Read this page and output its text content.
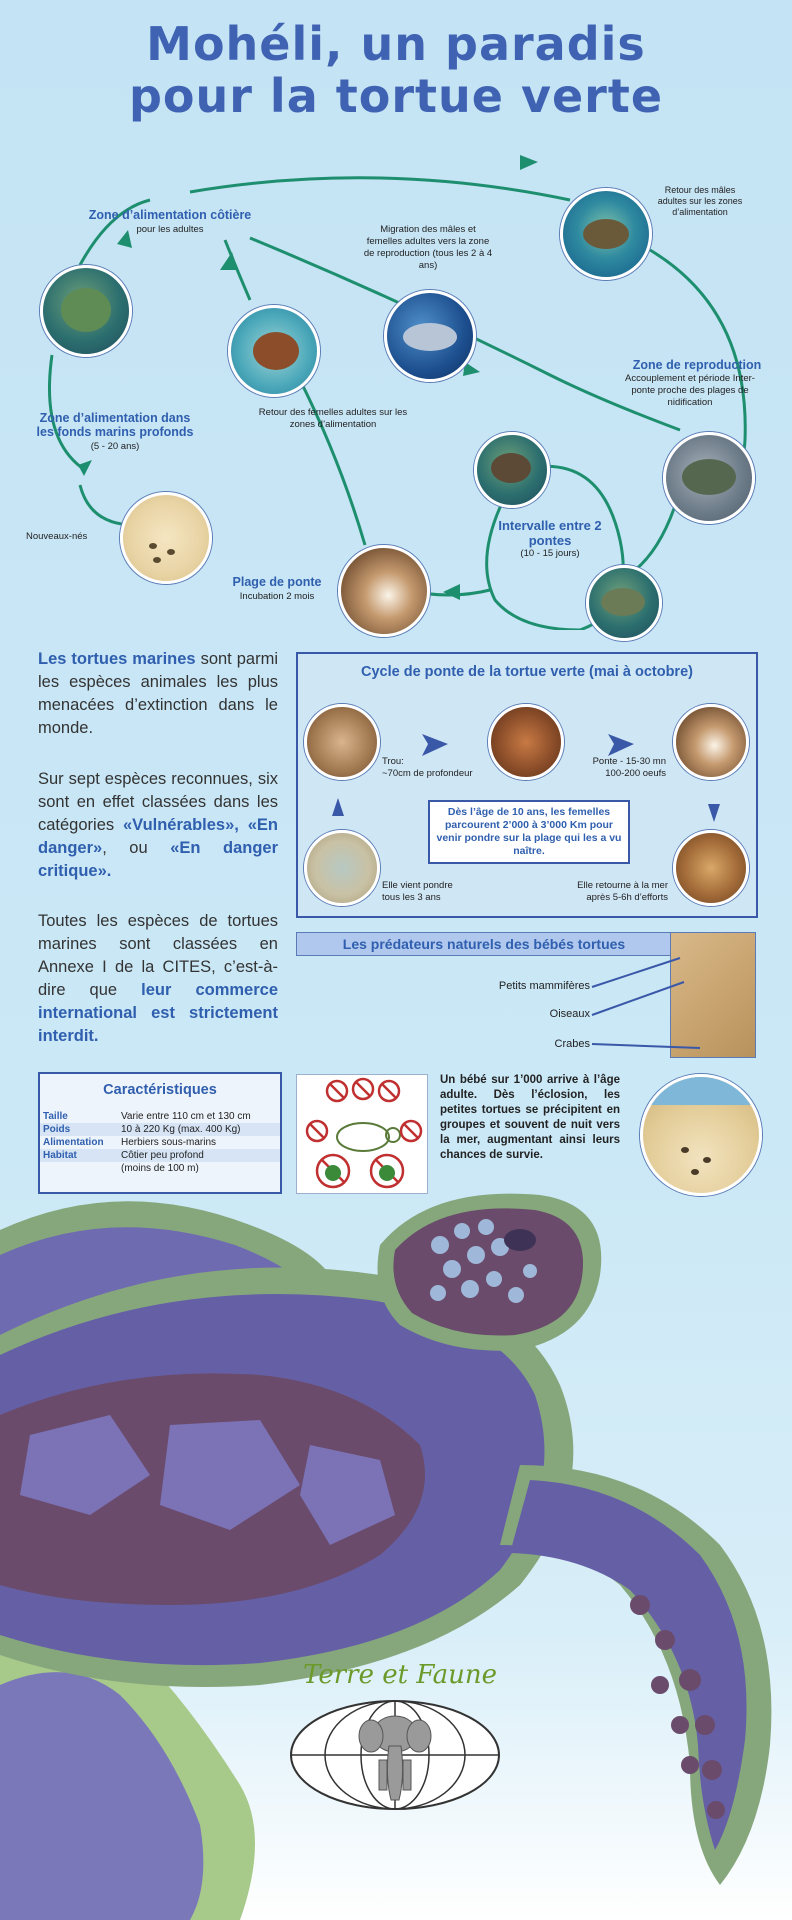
Mohéli, un paradis
pour la tortue verte
Zone d’alimentation côtière
pour les adultes	Migration des mâles et femelles adultes vers la zone de reproduction (tous les 2 à 4 ans)
Retour des mâles adultes sur les zones d’alimentation
Zone de reproduction
Accouplement et période Inter-ponte proche des plages de nidification
Zone d’alimentation dans les fonds marins profonds
(5 - 20 ans)
Retour des femelles adultes sur les zones d’alimentation
Nouveaux-nés
Intervalle entre 2 pontes
(10 - 15 jours)
Plage de ponte
Incubation 2 mois
Les tortues marines sont parmi les espèces animales les plus menacées d’extinction dans le monde.
Sur sept espèces reconnues, six sont en effet classées dans les catégories «Vulnérables», «En danger», ou «En danger critique».
Toutes les espèces de tortues marines sont classées en Annexe I de la CITES, c’est-à-dire que leur commerce international est strictement interdit.
Cycle de ponte de la tortue verte (mai à octobre)
Trou:
~70cm de profondeur
Ponte - 15-30 mn
100-200 oeufs
Elle vient pondre
tous les 3 ans
Elle retourne à la mer
après 5-6h d’efforts
Dès l’âge de 10 ans, les femelles parcourent 2’000 à 3’000 Km pour venir pondre sur la plage qui les a vu naître.
Les prédateurs naturels des bébés tortues
Petits mammifères
Oiseaux
Crabes
Caractéristiques
Taille	Varie entre 110 cm et 130 cm
Poids	10 à 220 Kg (max. 400 Kg)
Alimentation	Herbiers sous-marins
Habitat	Côtier peu profond
(moins de 100 m)
Un bébé sur 1’000 arrive à l’âge adulte. Dès l’éclosion, les petites tortues se précipitent en groupes et souvent de nuit vers la mer, augmentant ainsi leurs chances de survie.
Terre et Faune
